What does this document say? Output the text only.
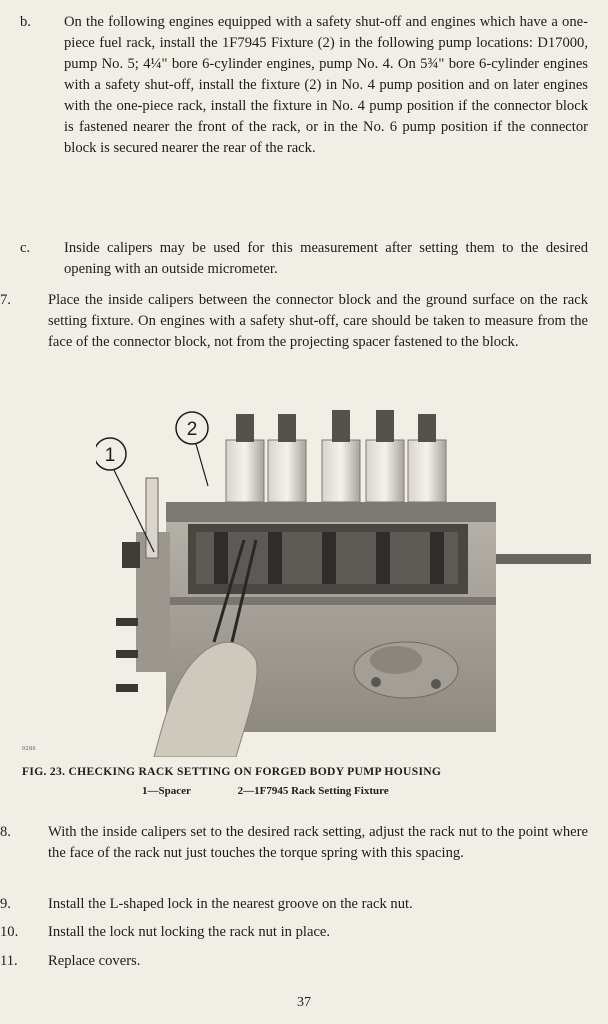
b.	On the following engines equipped with a safety shut-off and engines which have a one-piece fuel rack, install the 1F7945 Fixture (2) in the following pump locations: D17000, pump No. 5; 4¼" bore 6-cylinder engines, pump No. 4. On 5¾" bore 6-cylinder engines with a safety shut-off, install the fixture (2) in No. 4 pump position and on later engines with the one-piece rack, install the fixture in No. 4 pump position if the connector block is fastened nearer the front of the rack, or in the No. 6 pump position if the connector block is secured nearer the rear of the rack.
c.	Inside calipers may be used for this measurement after setting them to the desired opening with an outside micrometer.
7.	Place the inside calipers between the connector block and the ground surface on the rack setting fixture. On engines with a safety shut-off, care should be taken to measure from the face of the connector block, not from the projecting spacer fastened to the block.
1
2
9286
FIG. 23. CHECKING RACK SETTING ON FORGED BODY PUMP HOUSING
1—Spacer	2—1F7945 Rack Setting Fixture
8.	With the inside calipers set to the desired rack setting, adjust the rack nut to the point where the face of the rack nut just touches the torque spring with this spacing.
9.	Install the L-shaped lock in the nearest groove on the rack nut.
10.	Install the lock nut locking the rack nut in place.
11.	Replace covers.
37
